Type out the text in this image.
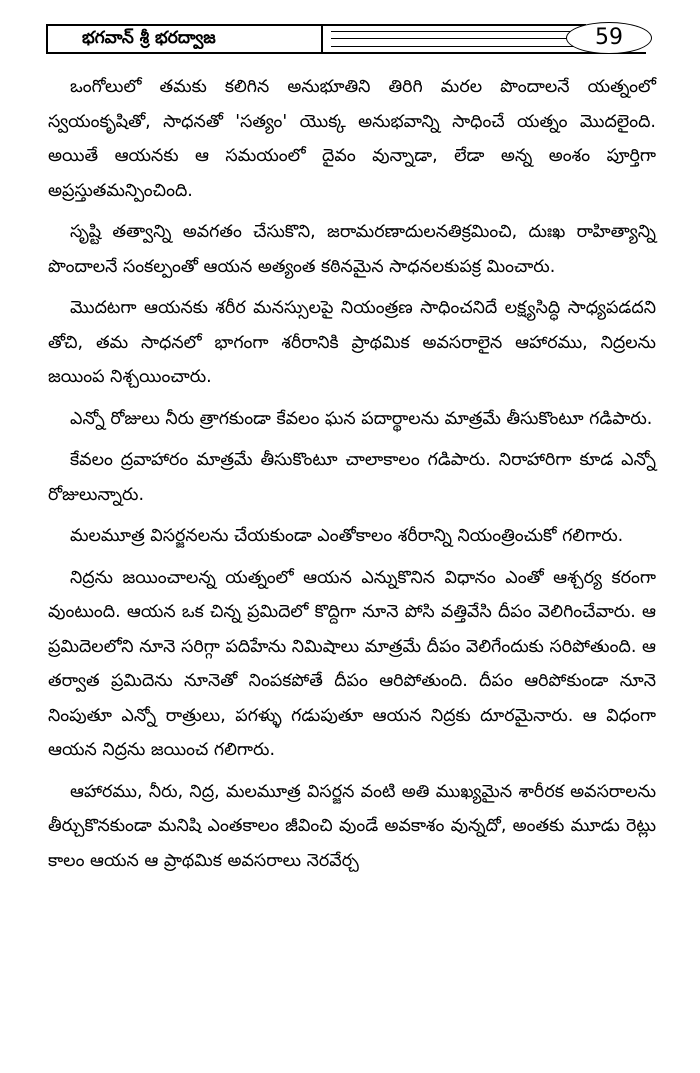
భగవాన్ శ్రీ భరద్వాజ	59

ఒంగోలులో తమకు కలిగిన అనుభూతిని తిరిగి మరల పొందాలనే యత్నంలో స్వయంకృషితో, సాధనతో 'సత్యం' యొక్క అనుభవాన్ని సాధించే యత్నం మొదలైంది. అయితే ఆయనకు ఆ సమయంలో దైవం వున్నాడా, లేడా అన్న అంశం పూర్తిగా అప్రస్తుతమన్పించింది.

సృష్టి తత్వాన్ని అవగతం చేసుకొని, జరామరణాదులనతిక్రమించి, దుఃఖ రాహిత్యాన్ని పొందాలనే సంకల్పంతో ఆయన అత్యంత కఠినమైన సాధనలకుపక్ర మించారు.

మొదటగా ఆయనకు శరీర మనస్సులపై నియంత్రణ సాధించనిదే లక్ష్యసిద్ధి సాధ్యపడదని తోచి, తమ సాధనలో భాగంగా శరీరానికి ప్రాథమిక అవసరాలైన ఆహారము, నిద్రలను జయింప నిశ్చయించారు.

ఎన్నో రోజులు నీరు త్రాగకుండా కేవలం ఘన పదార్థాలను మాత్రమే తీసుకొంటూ గడిపారు.

కేవలం ద్రవాహారం మాత్రమే తీసుకొంటూ చాలాకాలం గడిపారు. నిరాహారిగా కూడ ఎన్నో రోజులున్నారు.

మలమూత్ర విసర్జనలను చేయకుండా ఎంతోకాలం శరీరాన్ని నియంత్రించుకో గలిగారు.

నిద్రను జయించాలన్న యత్నంలో ఆయన ఎన్నుకొనిన విధానం ఎంతో ఆశ్చర్య కరంగా వుంటుంది. ఆయన ఒక చిన్న ప్రమిదెలో కొద్దిగా నూనె పోసి వత్తివేసి దీపం వెలిగించేవారు. ఆ ప్రమిదెలలోని నూనె సరిగ్గా పదిహేను నిమిషాలు మాత్రమే దీపం వెలిగేందుకు సరిపోతుంది. ఆ తర్వాత ప్రమిదెను నూనెతో నింపకపోతే దీపం ఆరిపోతుంది. దీపం ఆరిపోకుండా నూనె నింపుతూ ఎన్నో రాత్రులు, పగళ్ళు గడుపుతూ ఆయన నిద్రకు దూరమైనారు. ఆ విధంగా ఆయన నిద్రను జయించ గలిగారు.

ఆహారము, నీరు, నిద్ర, మలమూత్ర విసర్జన వంటి అతి ముఖ్యమైన శారీరక అవసరాలను తీర్చుకొనకుండా మనిషి ఎంతకాలం జీవించి వుండే అవకాశం వున్నదో, అంతకు మూడు రెట్లు కాలం ఆయన ఆ ప్రాథమిక అవసరాలు నెరవేర్చ
